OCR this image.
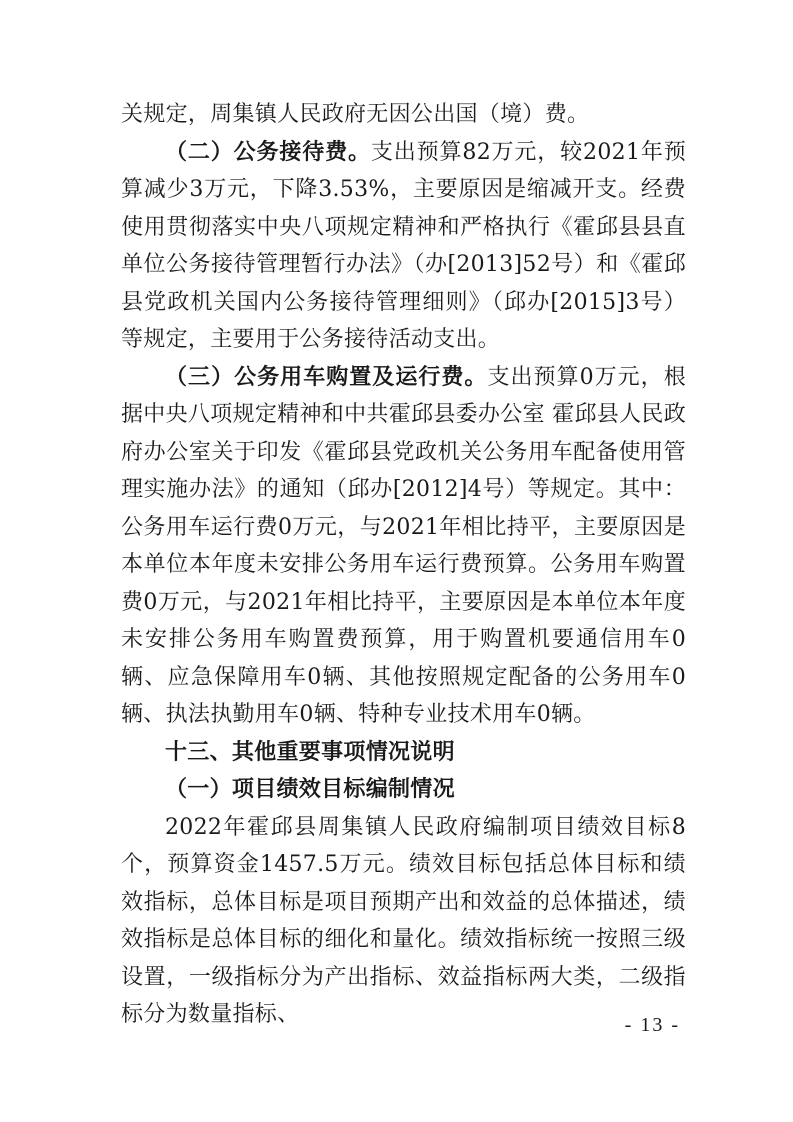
关规定，周集镇人民政府无因公出国（境）费。

（二）公务接待费。支出预算82万元，较2021年预算减少3万元，下降3.53%，主要原因是缩减开支。经费使用贯彻落实中央八项规定精神和严格执行《霍邱县县直单位公务接待管理暂行办法》（办[2013]52号）和《霍邱县党政机关国内公务接待管理细则》（邱办[2015]3号）等规定，主要用于公务接待活动支出。

（三）公务用车购置及运行费。支出预算0万元，根据中央八项规定精神和中共霍邱县委办公室 霍邱县人民政府办公室关于印发《霍邱县党政机关公务用车配备使用管理实施办法》的通知（邱办[2012]4号）等规定。其中：公务用车运行费0万元，与2021年相比持平，主要原因是本单位本年度未安排公务用车运行费预算。公务用车购置费0万元，与2021年相比持平，主要原因是本单位本年度未安排公务用车购置费预算，用于购置机要通信用车0辆、应急保障用车0辆、其他按照规定配备的公务用车0辆、执法执勤用车0辆、特种专业技术用车0辆。

十三、其他重要事项情况说明

（一）项目绩效目标编制情况

2022年霍邱县周集镇人民政府编制项目绩效目标8个，预算资金1457.5万元。绩效目标包括总体目标和绩效指标，总体目标是项目预期产出和效益的总体描述，绩效指标是总体目标的细化和量化。绩效指标统一按照三级设置，一级指标分为产出指标、效益指标两大类，二级指标分为数量指标、	- 13 -
